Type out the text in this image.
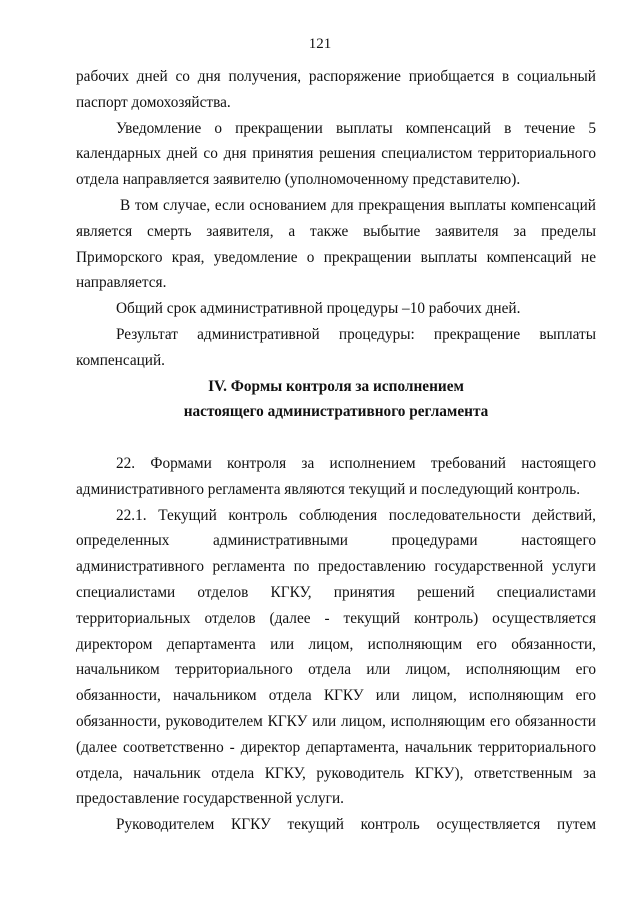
121

рабочих дней со дня получения, распоряжение приобщается в социальный паспорт домохозяйства.

Уведомление о прекращении выплаты компенсаций в течение 5 календарных дней со дня принятия решения специалистом территориального отдела направляется заявителю (уполномоченному представителю).

В том случае, если основанием для прекращения выплаты компенсаций является смерть заявителя, а также выбытие заявителя за пределы Приморского края, уведомление о прекращении выплаты компенсаций не направляется.

Общий срок административной процедуры –10 рабочих дней.

Результат административной процедуры: прекращение выплаты компенсаций.

IV. Формы контроля за исполнением
настоящего административного регламента

22. Формами контроля за исполнением требований настоящего административного регламента являются текущий и последующий контроль.

22.1. Текущий контроль соблюдения последовательности действий, определенных административными процедурами настоящего административного регламента по предоставлению государственной услуги специалистами отделов КГКУ, принятия решений специалистами территориальных отделов (далее - текущий контроль) осуществляется директором департамента или лицом, исполняющим его обязанности, начальником территориального отдела или лицом, исполняющим его обязанности, начальником отдела КГКУ или лицом, исполняющим его обязанности, руководителем КГКУ или лицом, исполняющим его обязанности (далее соответственно - директор департамента, начальник территориального отдела, начальник отдела КГКУ, руководитель КГКУ), ответственным за предоставление государственной услуги.

Руководителем КГКУ текущий контроль осуществляется путем
